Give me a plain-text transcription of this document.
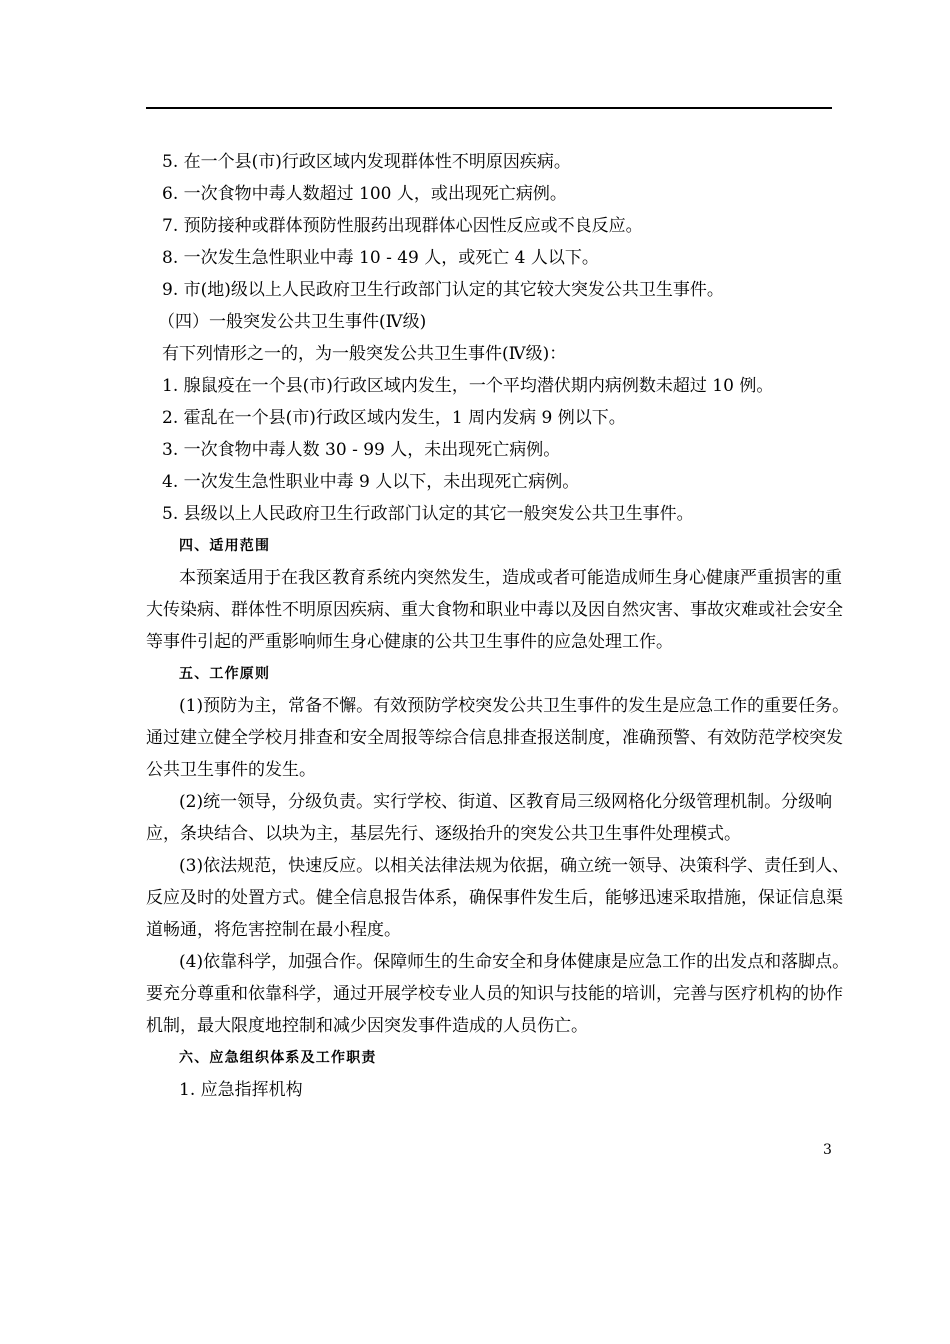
5. 在一个县(市)行政区域内发现群体性不明原因疾病。
6. 一次食物中毒人数超过 100 人，或出现死亡病例。
7. 预防接种或群体预防性服药出现群体心因性反应或不良反应。
8. 一次发生急性职业中毒 10 - 49 人，或死亡 4 人以下。
9. 市(地)级以上人民政府卫生行政部门认定的其它较大突发公共卫生事件。
（四）一般突发公共卫生事件(Ⅳ级)
有下列情形之一的，为一般突发公共卫生事件(Ⅳ级)：
1. 腺鼠疫在一个县(市)行政区域内发生，一个平均潜伏期内病例数未超过 10 例。
2. 霍乱在一个县(市)行政区域内发生，1 周内发病 9 例以下。
3. 一次食物中毒人数 30 - 99 人，未出现死亡病例。
4. 一次发生急性职业中毒 9 人以下，未出现死亡病例。
5. 县级以上人民政府卫生行政部门认定的其它一般突发公共卫生事件。
四、适用范围
本预案适用于在我区教育系统内突然发生，造成或者可能造成师生身心健康严重损害的重
大传染病、群体性不明原因疾病、重大食物和职业中毒以及因自然灾害、事故灾难或社会安全
等事件引起的严重影响师生身心健康的公共卫生事件的应急处理工作。
五、工作原则
(1)预防为主，常备不懈。有效预防学校突发公共卫生事件的发生是应急工作的重要任务。
通过建立健全学校月排查和安全周报等综合信息排查报送制度，准确预警、有效防范学校突发
公共卫生事件的发生。
(2)统一领导，分级负责。实行学校、街道、区教育局三级网格化分级管理机制。分级响
应，条块结合、以块为主，基层先行、逐级抬升的突发公共卫生事件处理模式。
(3)依法规范，快速反应。以相关法律法规为依据，确立统一领导、决策科学、责任到人、
反应及时的处置方式。健全信息报告体系，确保事件发生后，能够迅速采取措施，保证信息渠
道畅通，将危害控制在最小程度。
(4)依靠科学，加强合作。保障师生的生命安全和身体健康是应急工作的出发点和落脚点。
要充分尊重和依靠科学，通过开展学校专业人员的知识与技能的培训，完善与医疗机构的协作
机制，最大限度地控制和减少因突发事件造成的人员伤亡。
六、应急组织体系及工作职责
1. 应急指挥机构
3
